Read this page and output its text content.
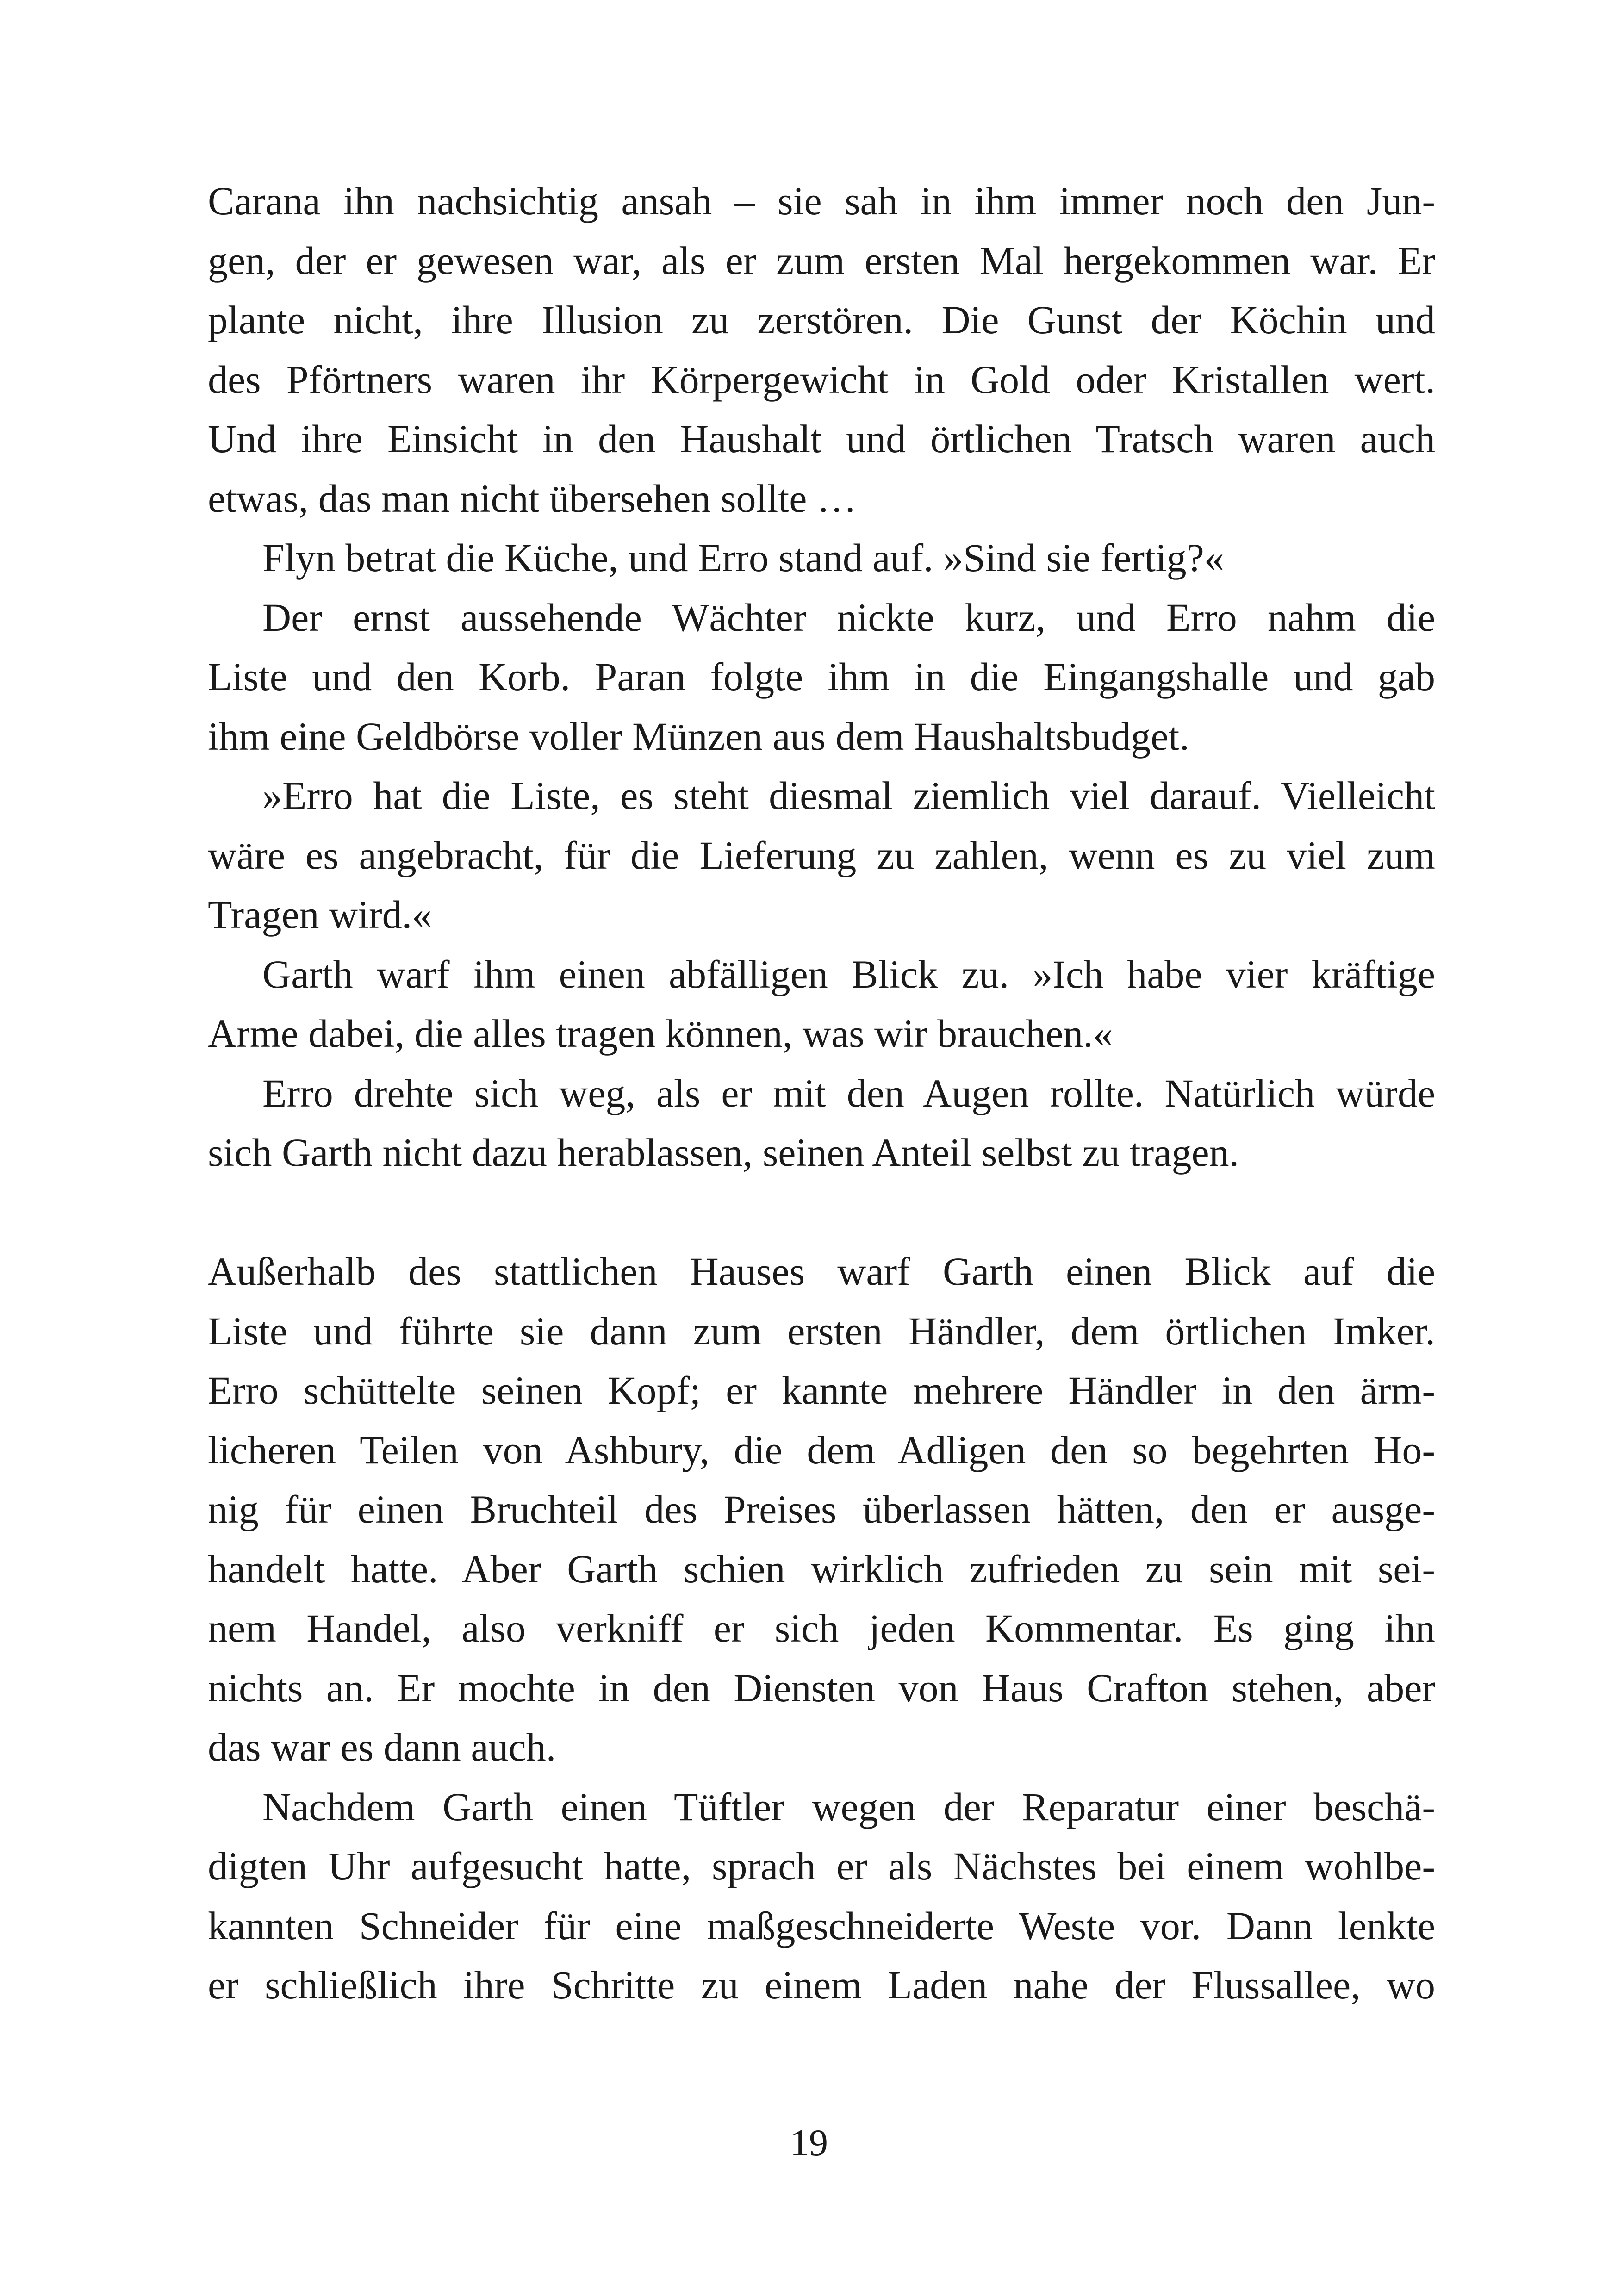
Carana ihn nachsichtig ansah – sie sah in ihm immer noch den Jun-
gen, der er gewesen war, als er zum ersten Mal hergekommen war. Er
plante nicht, ihre Illusion zu zerstören. Die Gunst der Köchin und
des Pförtners waren ihr Körpergewicht in Gold oder Kristallen wert.
Und ihre Einsicht in den Haushalt und örtlichen Tratsch waren auch
etwas, das man nicht übersehen sollte …
Flyn betrat die Küche, und Erro stand auf. »Sind sie fertig?«
Der ernst aussehende Wächter nickte kurz, und Erro nahm die
Liste und den Korb. Paran folgte ihm in die Eingangshalle und gab
ihm eine Geldbörse voller Münzen aus dem Haushaltsbudget.
»Erro hat die Liste, es steht diesmal ziemlich viel darauf. Vielleicht
wäre es angebracht, für die Lieferung zu zahlen, wenn es zu viel zum
Tragen wird.«
Garth warf ihm einen abfälligen Blick zu. »Ich habe vier kräftige
Arme dabei, die alles tragen können, was wir brauchen.«
Erro drehte sich weg, als er mit den Augen rollte. Natürlich würde
sich Garth nicht dazu herablassen, seinen Anteil selbst zu tragen.
Außerhalb des stattlichen Hauses warf Garth einen Blick auf die
Liste und führte sie dann zum ersten Händler, dem örtlichen Imker.
Erro schüttelte seinen Kopf; er kannte mehrere Händler in den ärm-
licheren Teilen von Ashbury, die dem Adligen den so begehrten Ho-
nig für einen Bruchteil des Preises überlassen hätten, den er ausge-
handelt hatte. Aber Garth schien wirklich zufrieden zu sein mit sei-
nem Handel, also verkniff er sich jeden Kommentar. Es ging ihn
nichts an. Er mochte in den Diensten von Haus Crafton stehen, aber
das war es dann auch.
Nachdem Garth einen Tüftler wegen der Reparatur einer beschä-
digten Uhr aufgesucht hatte, sprach er als Nächstes bei einem wohlbe-
kannten Schneider für eine maßgeschneiderte Weste vor. Dann lenkte
er schließlich ihre Schritte zu einem Laden nahe der Flussallee, wo
19
